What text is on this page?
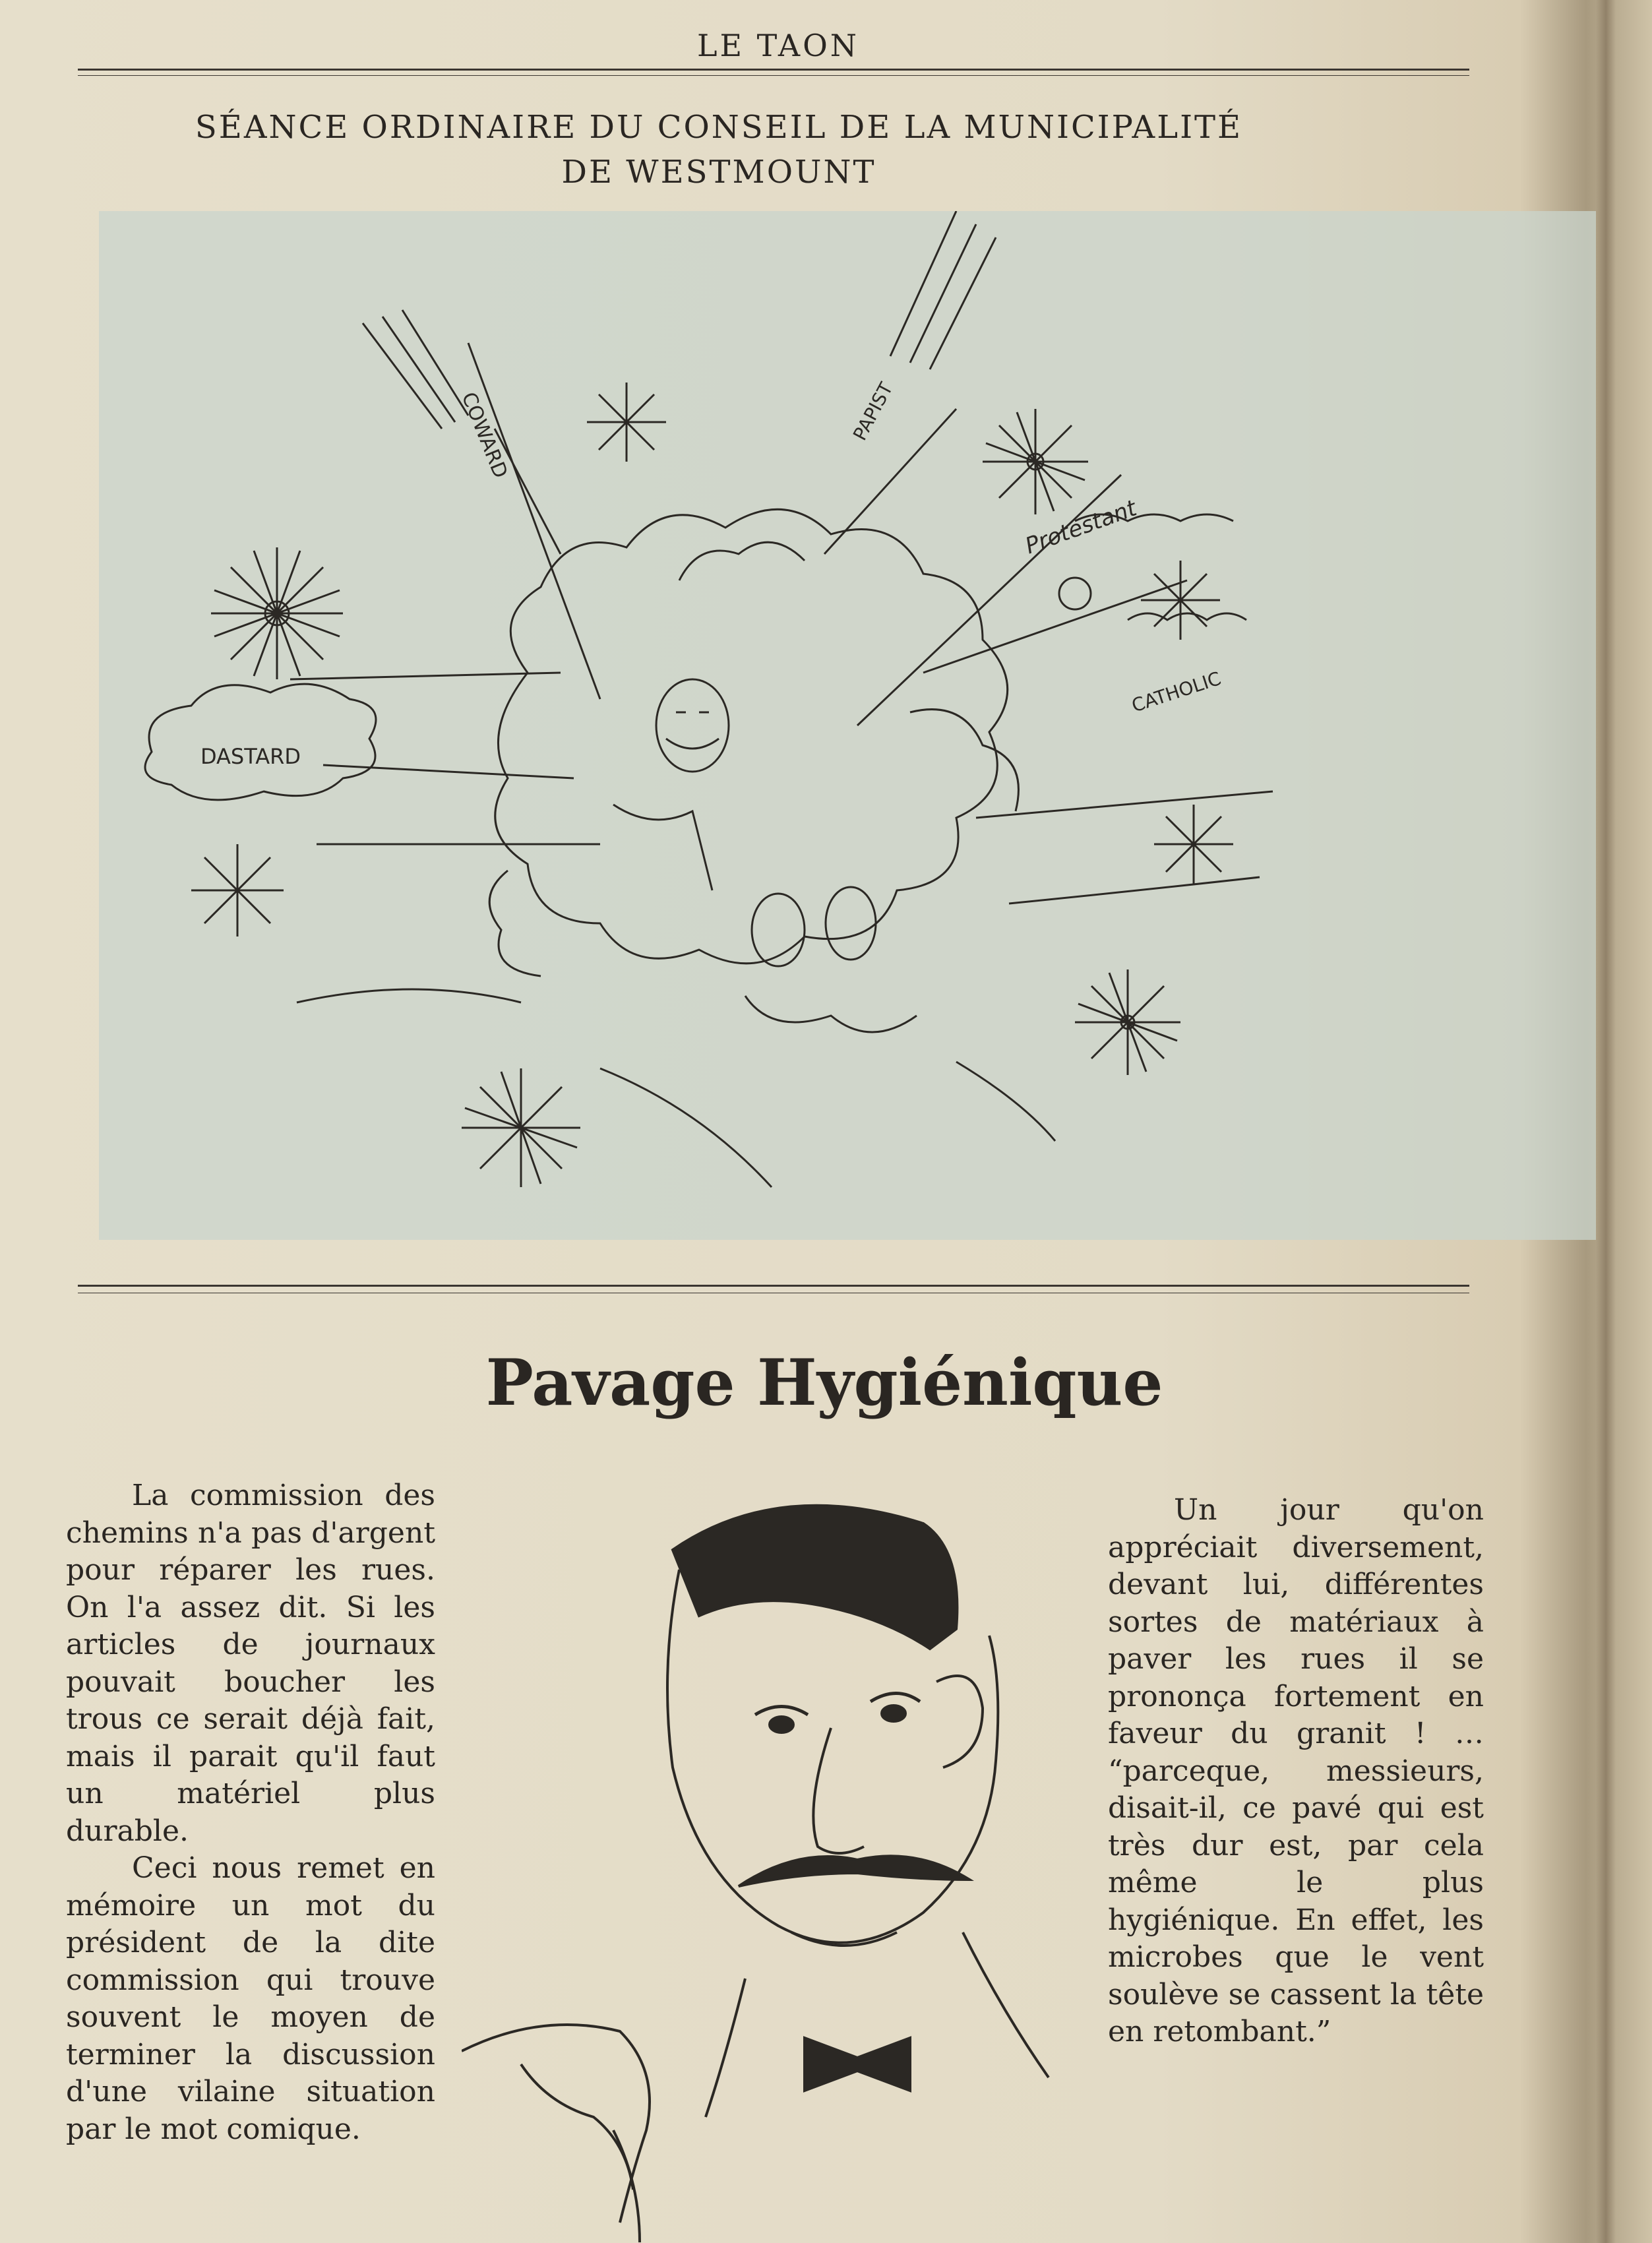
LE TAON
SÉANCE ORDINAIRE DU CONSEIL DE LA MUNICIPALITÉ
DE WESTMOUNT
DASTARD
COWARD	PAPIST
Protestant
CATHOLIC
Pavage Hygiénique

La commission des chemins n'a pas d'argent pour réparer les rues. On l'a assez dit. Si les articles de journaux pouvait boucher les trous ce serait déjà fait, mais il parait qu'il faut un matériel plus durable.

Ceci nous remet en mémoire un mot du président de la dite commission qui trouve souvent le moyen de terminer la discussion d'une vilaine situation par le mot comique.

Un jour qu'on appréciait diversement, devant lui, différentes sortes de matériaux à paver les rues il se prononça fortement en faveur du granit ! … “parceque, messieurs, disait-il, ce pavé qui est très dur est, par cela même le plus hygiénique. En effet, les microbes que le vent soulève se cassent la tête en retombant.”
